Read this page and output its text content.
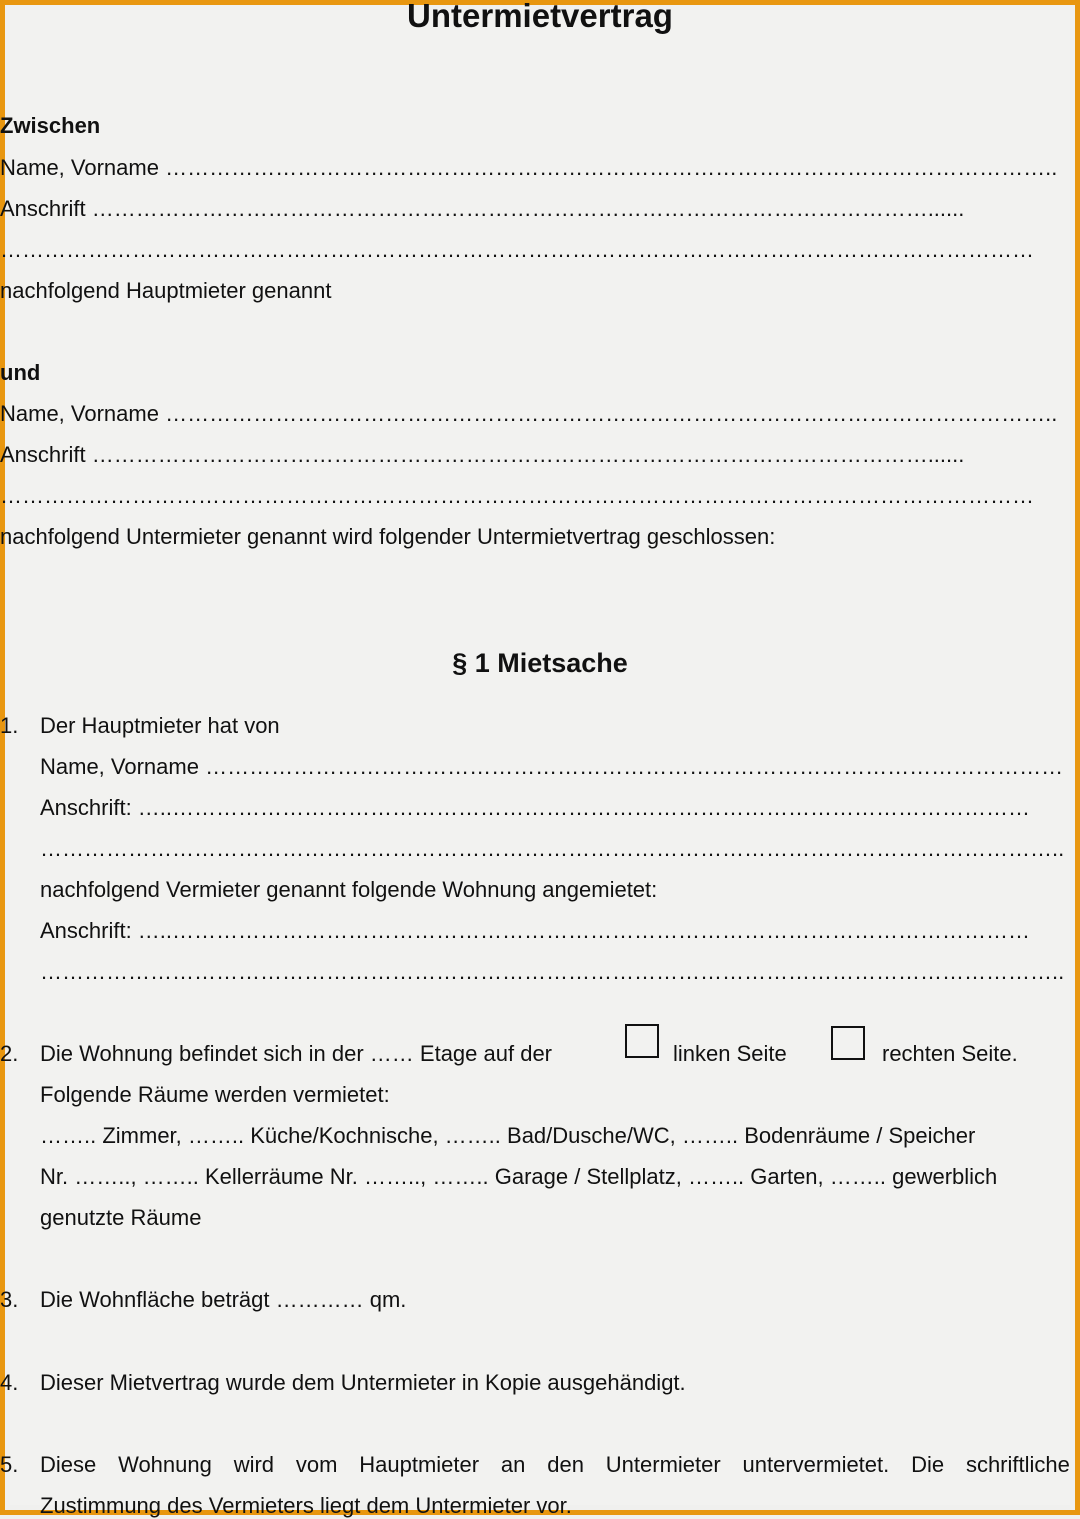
Untermietvertrag
Zwischen
Name, Vorname …………………………………………………………………………………………………………..
Anschrift ……………………………………………………………………………………………………......
……………………………………………………………………………………………………………………………
nachfolgend Hauptmieter genannt
und
Name, Vorname …………………………………………………………………………………………………………..
Anschrift ……………………………………………………………………………………………………......
……………………………………………………………………………………………………………………………
nachfolgend Untermieter genannt wird folgender Untermietvertrag geschlossen:
§ 1 Mietsache
1. Der Hauptmieter hat von
Name, Vorname ………………………………………………………………………………………………………
Anschrift: …..………………………………………………………………………………………………………
…………………………………………………………………………………………………………………………..
nachfolgend Vermieter genannt folgende Wohnung angemietet:
Anschrift: …..………………………………………………………………………………………………………
…………………………………………………………………………………………………………………………..
2. Die Wohnung befindet sich in der …… Etage auf der	linken Seite	rechten Seite.
Folgende Räume werden vermietet:
…….. Zimmer, …….. Küche/Kochnische, …….. Bad/Dusche/WC, …….. Bodenräume / Speicher
Nr. …….., …….. Kellerräume Nr. …….., …….. Garage / Stellplatz, …….. Garten, …….. gewerblich
genutzte Räume
3. Die Wohnfläche beträgt ………… qm.
4. Dieser Mietvertrag wurde dem Untermieter in Kopie ausgehändigt.
5. Diese Wohnung wird vom Hauptmieter an den Untermieter untervermietet. Die schriftliche
Zustimmung des Vermieters liegt dem Untermieter vor.
